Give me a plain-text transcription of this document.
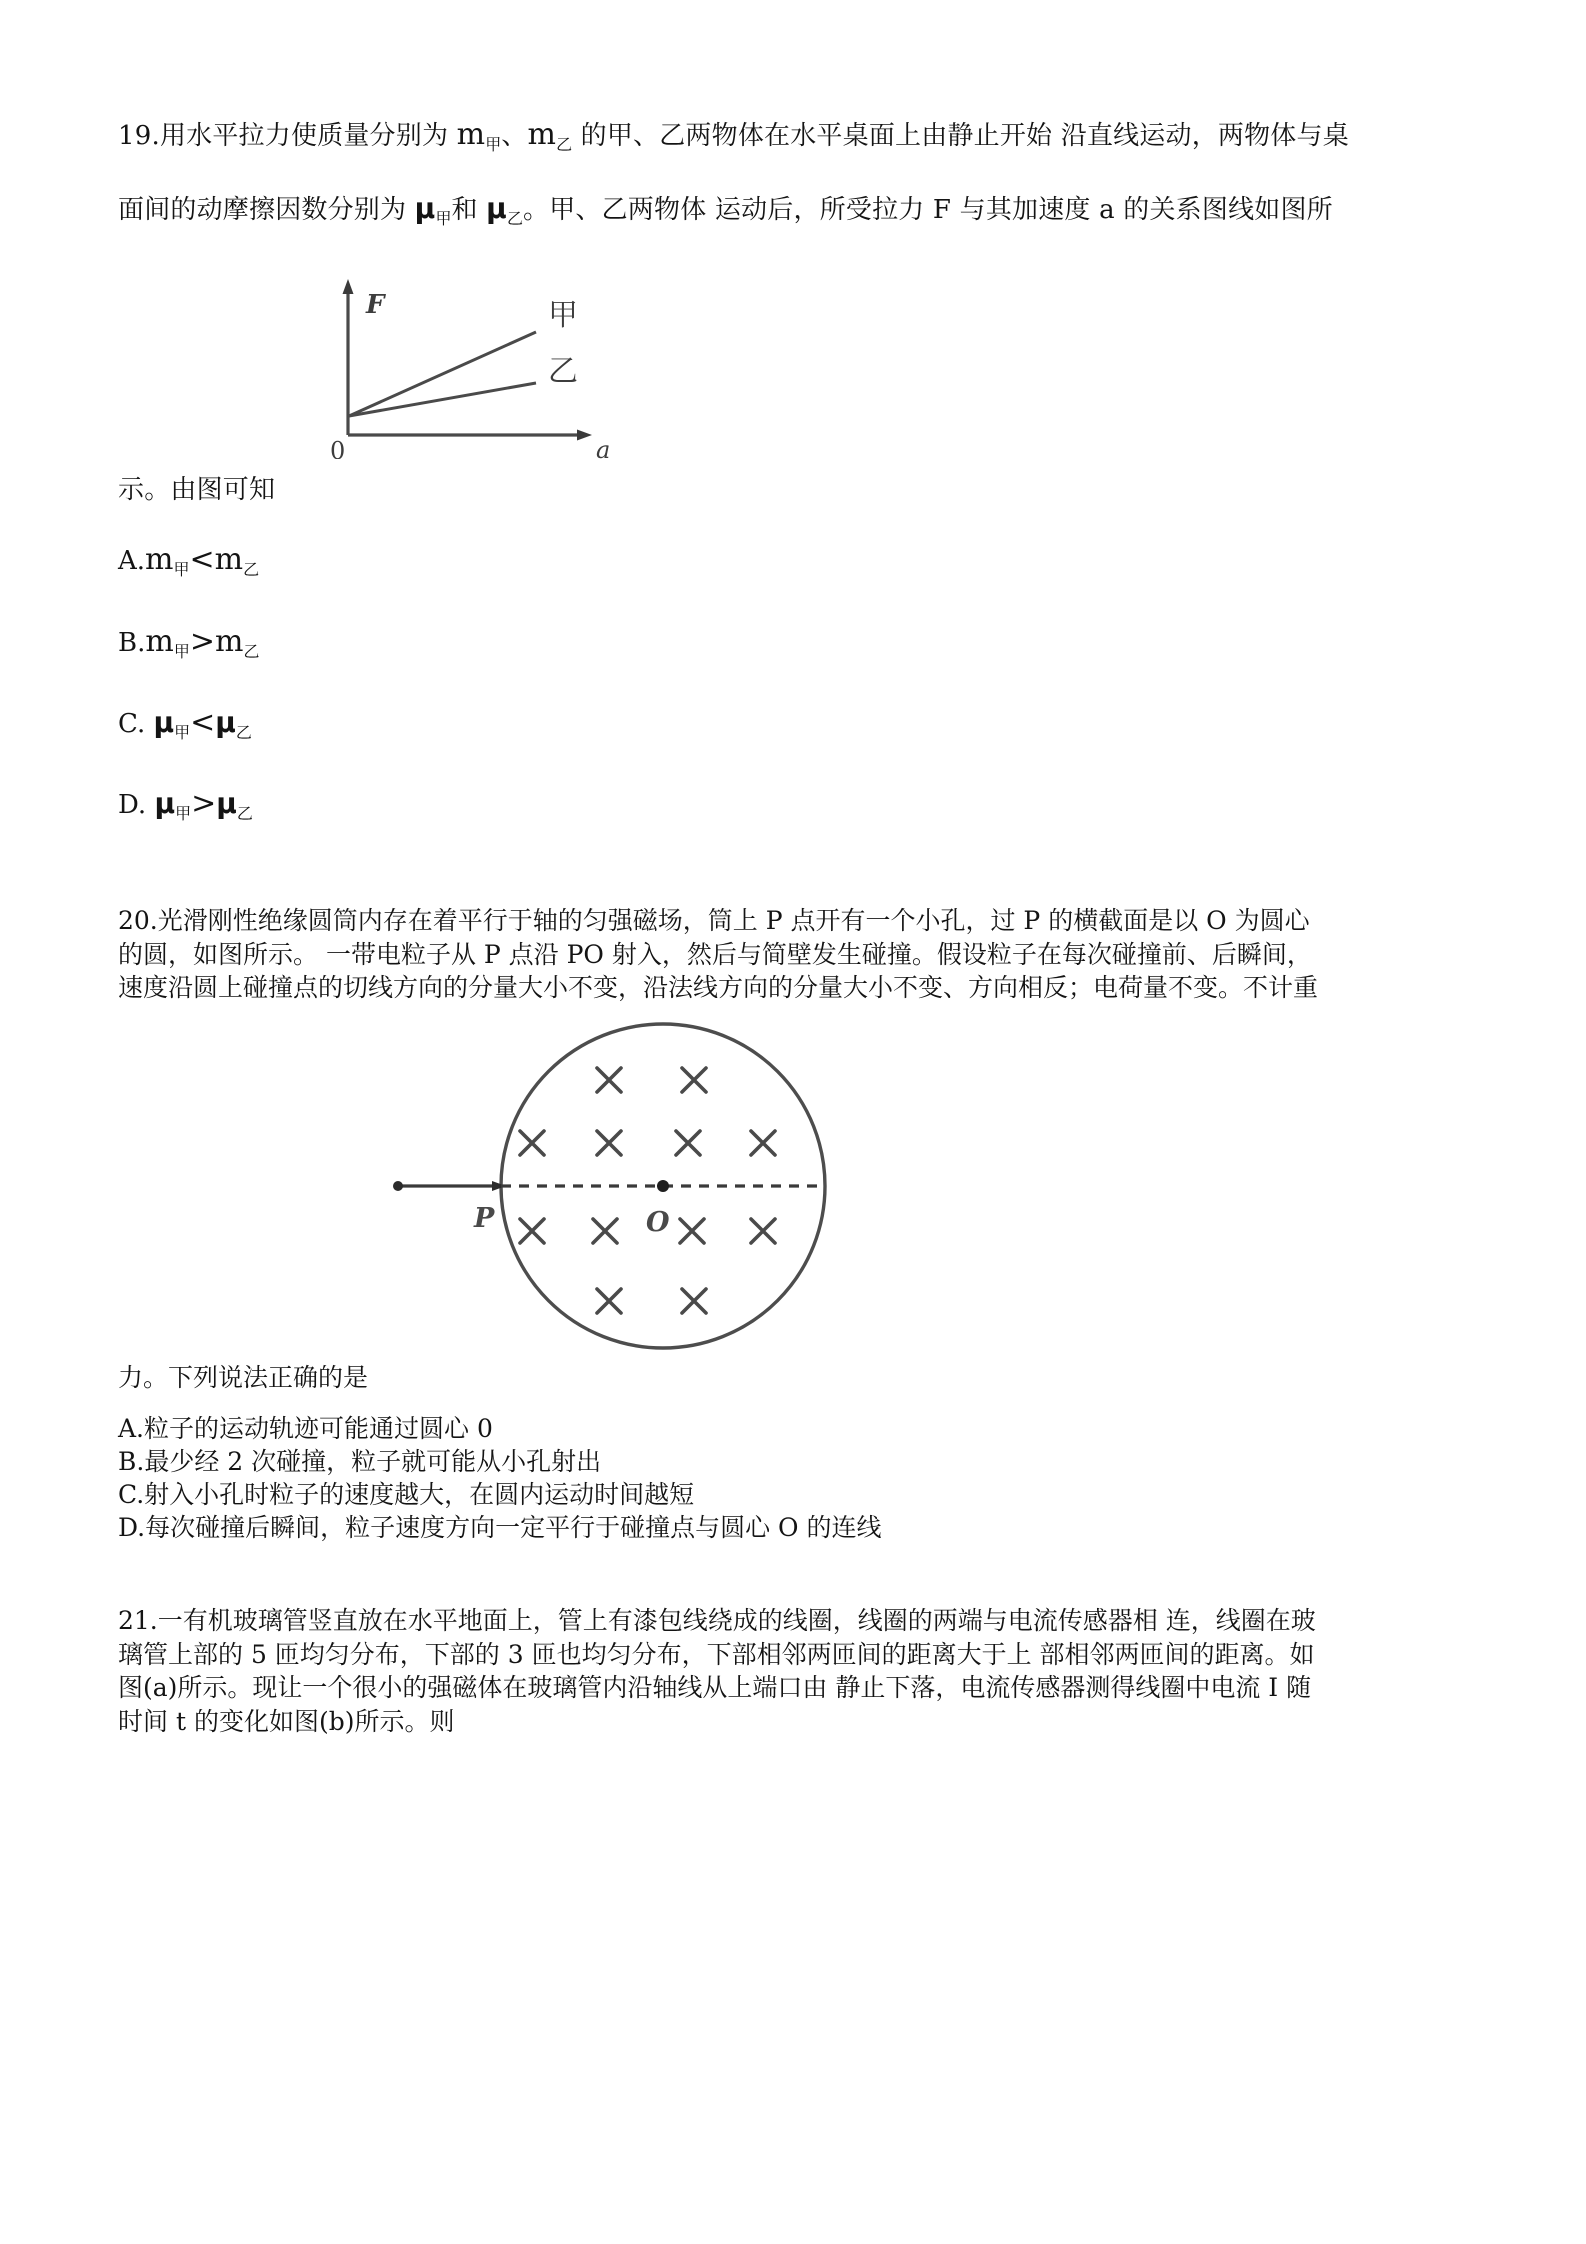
19.用水平拉力使质量分别为 $m_甲$、$m_乙$ 的甲、乙两物体在水平桌面上由静止开始 沿直线运动，两物体与桌
面间的动摩擦因数分别为 $\mu_甲$和 $\mu_乙$。甲、乙两物体 运动后，所受拉力 F 与其加速度 a 的关系图线如图所
F
0	a
甲
乙
示。由图可知
$A.m_甲<m_乙$
$B.m_甲>m_乙$
C. $\mu_甲<\mu_乙$
D. $\mu_甲>\mu_乙$
20.光滑刚性绝缘圆筒内存在着平行于轴的匀强磁场，筒上 P 点开有一个小孔，过 P 的横截面是以 O 为圆心
的圆，如图所示。 一带电粒子从 P 点沿 PO 射入，然后与简壁发生碰撞。假设粒子在每次碰撞前、后瞬间，
速度沿圆上碰撞点的切线方向的分量大小不变，沿法线方向的分量大小不变、方向相反；电荷量不变。不计重
P	O
力。下列说法正确的是
A.粒子的运动轨迹可能通过圆心 0
B.最少经 2 次碰撞，粒子就可能从小孔射出
C.射入小孔时粒子的速度越大，在圆内运动时间越短
D.每次碰撞后瞬间，粒子速度方向一定平行于碰撞点与圆心 O 的连线
21.一有机玻璃管竖直放在水平地面上，管上有漆包线绕成的线圈，线圈的两端与电流传感器相 连，线圈在玻
璃管上部的 5 匝均匀分布，下部的 3 匝也均匀分布，下部相邻两匝间的距离大于上 部相邻两匝间的距离。如
图(a)所示。现让一个很小的强磁体在玻璃管内沿轴线从上端口由 静止下落，电流传感器测得线圈中电流 I 随
时间 t 的变化如图(b)所示。则
